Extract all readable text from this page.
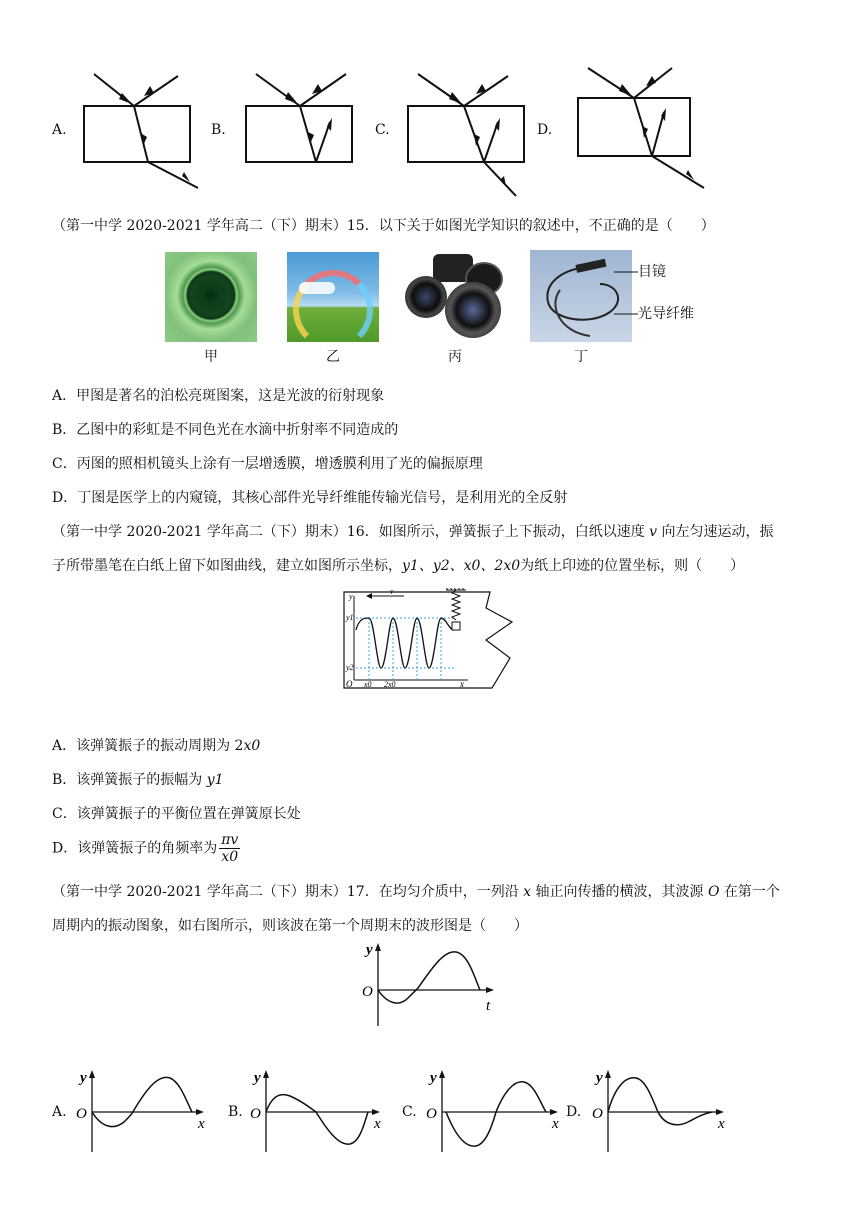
A.	B.	C.	D.
（第一中学 2020-2021 学年高二（下）期末）15．以下关于如图光学知识的叙述中，不正确的是（　　）
甲	乙	丙	丁
目镜
光导纤维
A．甲图是著名的泊松亮斑图案，这是光波的衍射现象
B．乙图中的彩虹是不同色光在水滴中折射率不同造成的
C．丙图的照相机镜头上涂有一层增透膜，增透膜利用了光的偏振原理
D．丁图是医学上的内窥镜，其核心部件光导纤维能传输光信号，是利用光的全反射
（第一中学 2020-2021 学年高二（下）期末）16．如图所示，弹簧振子上下振动，白纸以速度 v 向左匀速运动，振
子所带墨笔在白纸上留下如图曲线，建立如图所示坐标，y1、y2、x0、2x0为纸上印迹的位置坐标，则（　　）
v
y
y1
y2
O x0 2x0	x
A．该弹簧振子的振动周期为 2x0
B．该弹簧振子的振幅为 y1
C．该弹簧振子的平衡位置在弹簧原长处
D．该弹簧振子的角频率为 $\frac{\pi v}{x0}$
（第一中学 2020-2021 学年高二（下）期末）17．在均匀介质中，一列沿 x 轴正向传播的横波，其波源 O 在第一个
周期内的振动图象，如右图所示，则该波在第一个周期末的波形图是（　　）
y
O
t
A.
y
O
x
B.
y
O
x
C.
y
O
x
D.
y
O
x
